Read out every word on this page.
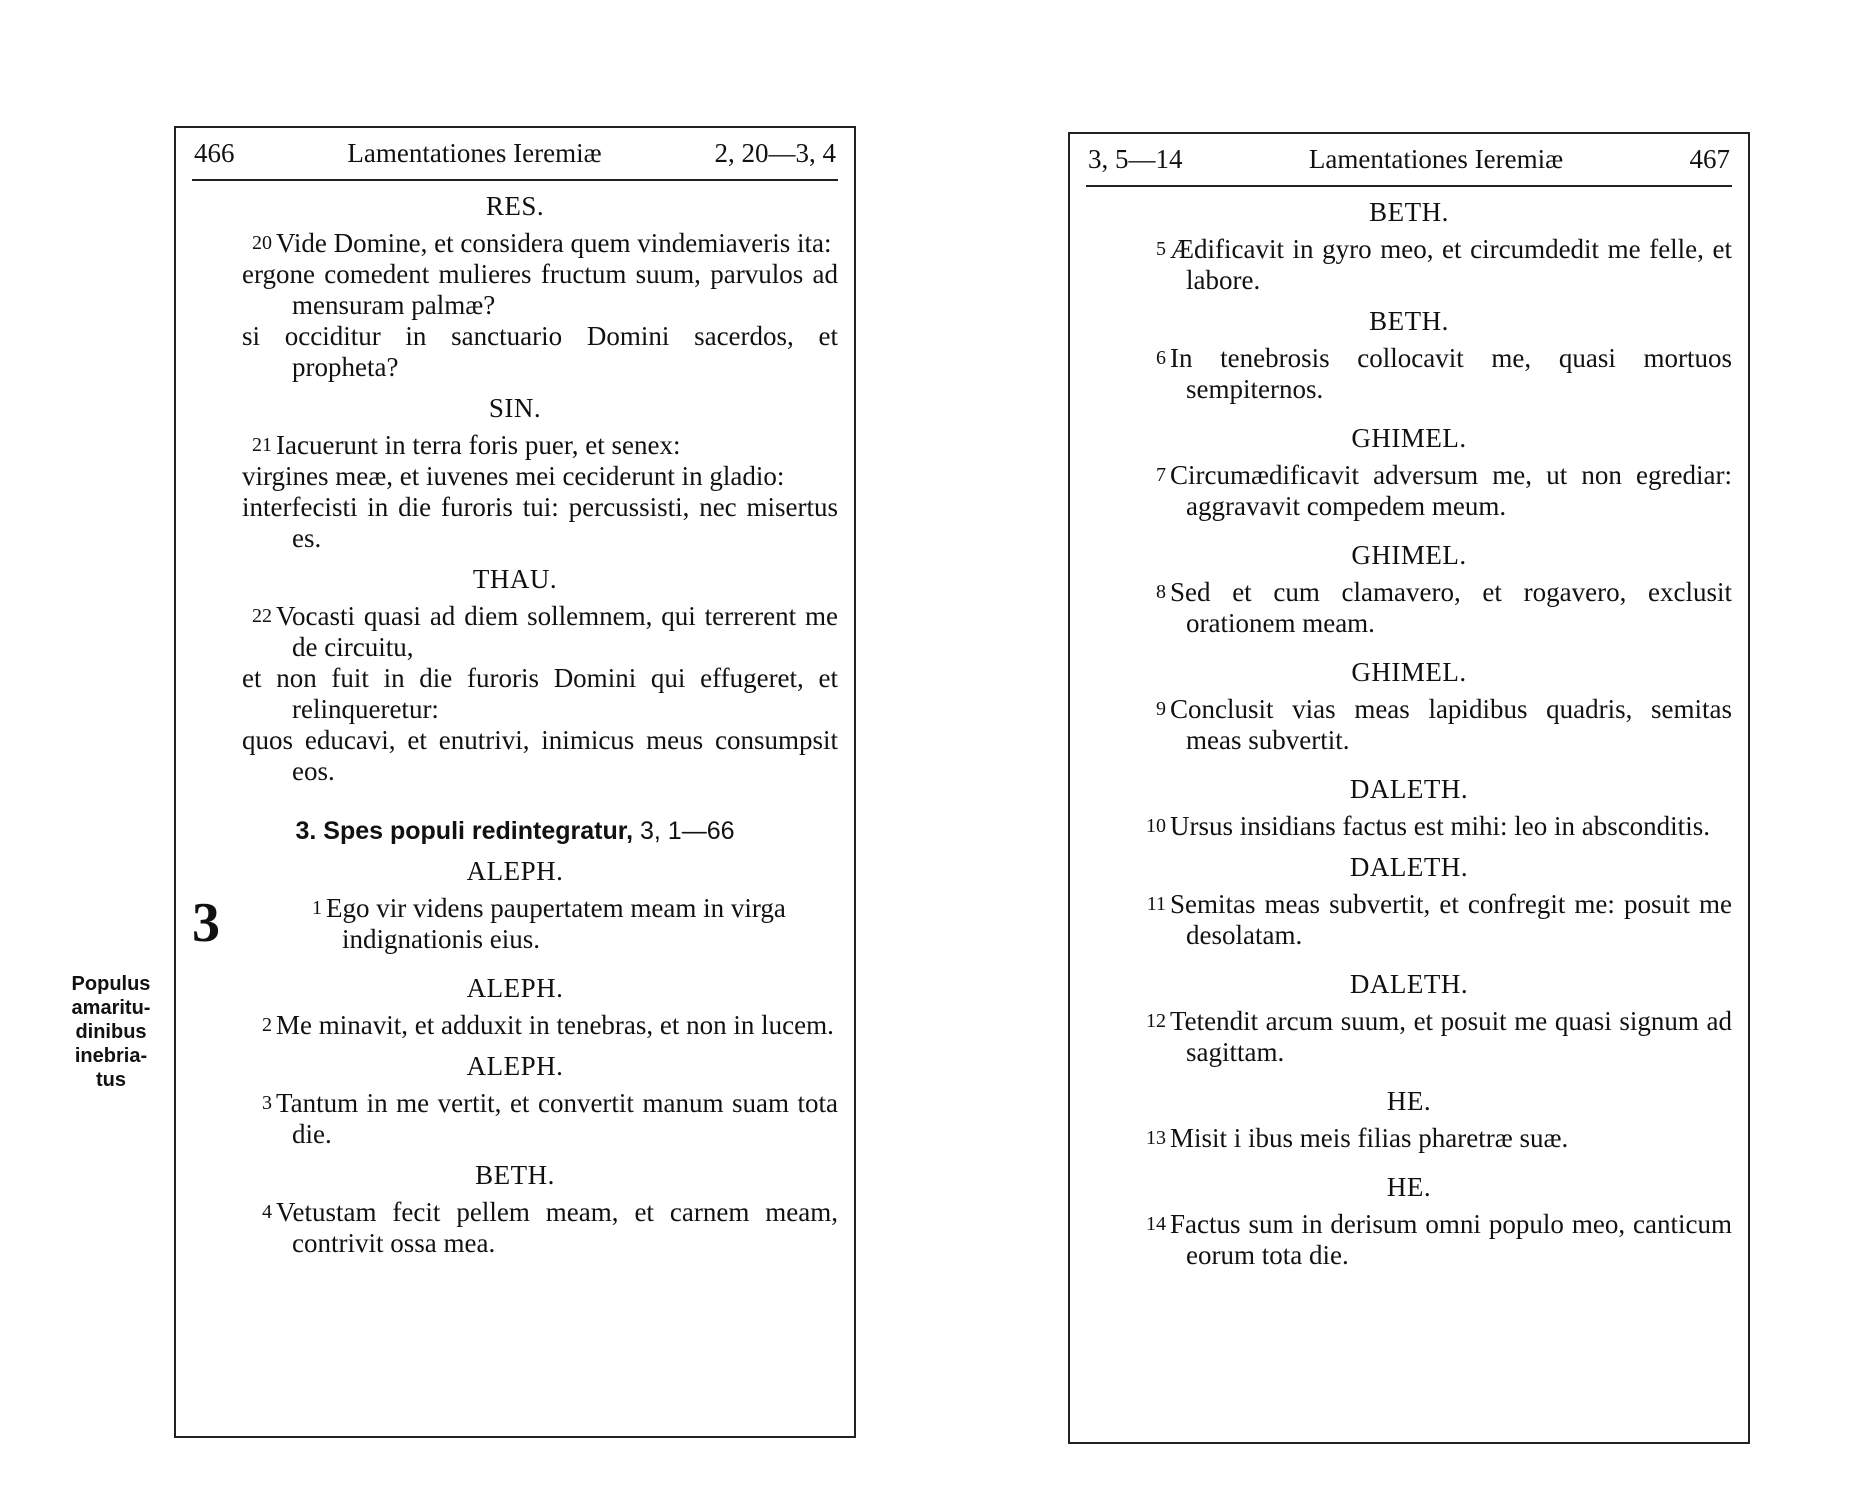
Populus
amaritu-
dinibus
inebria-
tus
466	Lamentationes Ieremiæ	2, 20—3, 4
RES.

20 Vide Domine, et considera quem vindemiaveris ita:

ergone comedent mulieres fructum suum, parvulos ad mensuram palmæ?

si occiditur in sanctuario Domini sacerdos, et propheta?

SIN.

21 Iacuerunt in terra foris puer, et senex:

virgines meæ, et iuvenes mei ceciderunt in gladio:

interfecisti in die furoris tui: percussisti, nec misertus es.

THAU.

22 Vocasti quasi ad diem sollemnem, qui terrerent me de circuitu,

et non fuit in die furoris Domini qui effugeret, et relinqueretur:

quos educavi, et enutrivi, inimicus meus consumpsit eos.

3. Spes populi redintegratur, 3, 1—66
ALEPH.
3	1 Ego vir videns paupertatem meam in virga indignationis eius.

ALEPH.

2 Me minavit, et adduxit in tenebras, et non in lucem.

ALEPH.

3 Tantum in me vertit, et convertit manum suam tota die.

BETH.

4 Vetustam fecit pellem meam, et carnem meam, contrivit ossa mea.

3, 5—14	Lamentationes Ieremiæ	467
BETH.

5 Ædificavit in gyro meo, et circumdedit me felle, et labore.

BETH.

6 In tenebrosis collocavit me, quasi mortuos sempiternos.

GHIMEL.

7 Circumædificavit adversum me, ut non egrediar: aggravavit compedem meum.

GHIMEL.

8 Sed et cum clamavero, et rogavero, exclusit orationem meam.

GHIMEL.

9 Conclusit vias meas lapidibus quadris, semitas meas subvertit.

DALETH.

10 Ursus insidians factus est mihi: leo in absconditis.

DALETH.

11 Semitas meas subvertit, et confregit me: posuit me desolatam.

DALETH.

12 Tetendit arcum suum, et posuit me quasi signum ad sagittam.

HE.

13 Misit i ibus meis filias pharetræ suæ.

HE.

14 Factus sum in derisum omni populo meo, canticum eorum tota die.
